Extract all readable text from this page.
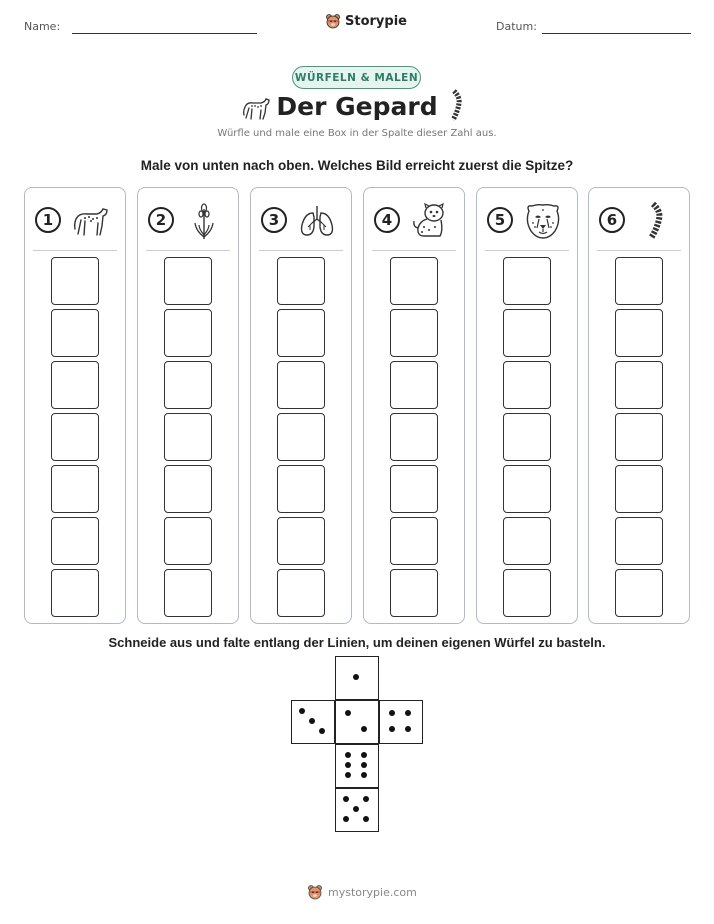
Name:	Storypie	Datum:
WÜRFELN & MALEN
Der Gepard
Würfle und male eine Box in der Spalte dieser Zahl aus.
Male von unten nach oben. Welches Bild erreicht zuerst die Spitze?
1	2	3	4	5	6
Schneide aus und falte entlang der Linien, um deinen eigenen Würfel zu basteln.
mystorypie.com
